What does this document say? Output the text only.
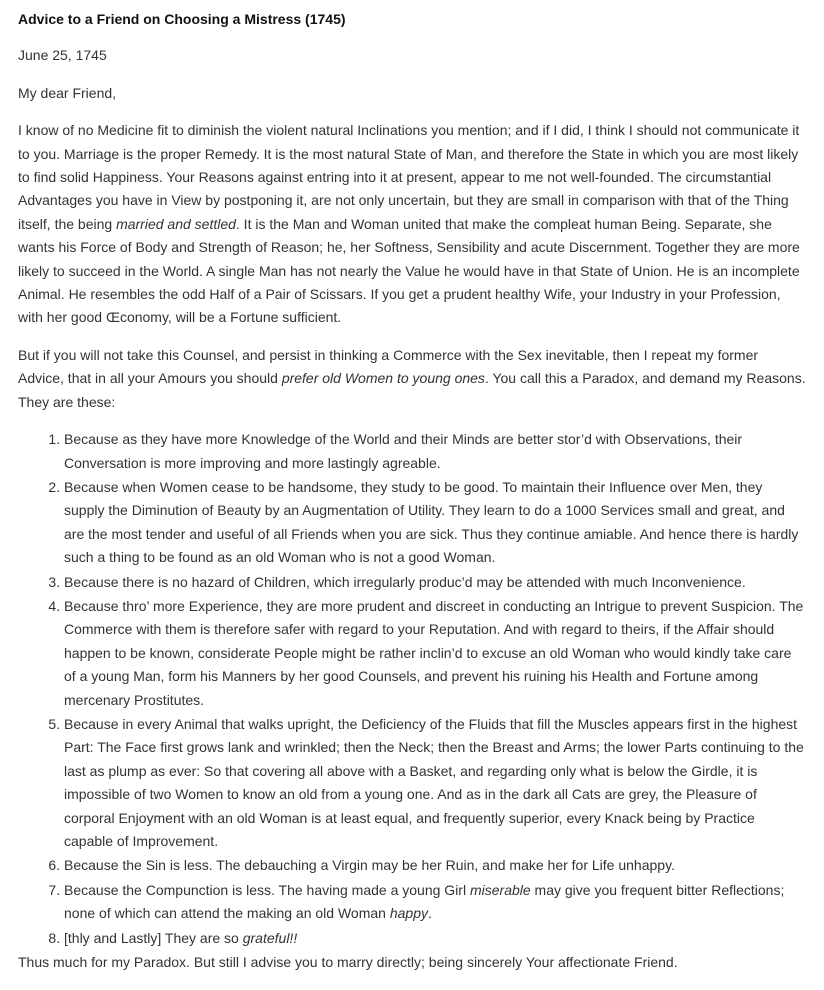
Advice to a Friend on Choosing a Mistress (1745)

June 25, 1745

My dear Friend,

I know of no Medicine fit to diminish the violent natural Inclinations you mention; and if I did, I think I should not communicate it to you. Marriage is the proper Remedy. It is the most natural State of Man, and therefore the State in which you are most likely to find solid Happiness. Your Reasons against entring into it at present, appear to me not well-founded. The circumstantial Advantages you have in View by postponing it, are not only uncertain, but they are small in comparison with that of the Thing itself, the being married and settled. It is the Man and Woman united that make the compleat human Being. Separate, she wants his Force of Body and Strength of Reason; he, her Softness, Sensibility and acute Discernment. Together they are more likely to succeed in the World. A single Man has not nearly the Value he would have in that State of Union. He is an incomplete Animal. He resembles the odd Half of a Pair of Scissars. If you get a prudent healthy Wife, your Industry in your Profession, with her good Œconomy, will be a Fortune sufficient.

But if you will not take this Counsel, and persist in thinking a Commerce with the Sex inevitable, then I repeat my former Advice, that in all your Amours you should prefer old Women to young ones. You call this a Paradox, and demand my Reasons. They are these:

1. Because as they have more Knowledge of the World and their Minds are better stor’d with Observations, their Conversation is more improving and more lastingly agreable.
2. Because when Women cease to be handsome, they study to be good. To maintain their Influence over Men, they supply the Diminution of Beauty by an Augmentation of Utility. They learn to do a 1000 Services small and great, and are the most tender and useful of all Friends when you are sick. Thus they continue amiable. And hence there is hardly such a thing to be found as an old Woman who is not a good Woman.
3. Because there is no hazard of Children, which irregularly produc’d may be attended with much Inconvenience.
4. Because thro’ more Experience, they are more prudent and discreet in conducting an Intrigue to prevent Suspicion. The Commerce with them is therefore safer with regard to your Reputation. And with regard to theirs, if the Affair should happen to be known, considerate People might be rather inclin’d to excuse an old Woman who would kindly take care of a young Man, form his Manners by her good Counsels, and prevent his ruining his Health and Fortune among mercenary Prostitutes.
5. Because in every Animal that walks upright, the Deficiency of the Fluids that fill the Muscles appears first in the highest Part: The Face first grows lank and wrinkled; then the Neck; then the Breast and Arms; the lower Parts continuing to the last as plump as ever: So that covering all above with a Basket, and regarding only what is below the Girdle, it is impossible of two Women to know an old from a young one. And as in the dark all Cats are grey, the Pleasure of corporal Enjoyment with an old Woman is at least equal, and frequently superior, every Knack being by Practice capable of Improvement.
6. Because the Sin is less. The debauching a Virgin may be her Ruin, and make her for Life unhappy.
7. Because the Compunction is less. The having made a young Girl miserable may give you frequent bitter Reflections; none of which can attend the making an old Woman happy.
8. [thly and Lastly] They are so grateful!!

Thus much for my Paradox. But still I advise you to marry directly; being sincerely Your affectionate Friend.
